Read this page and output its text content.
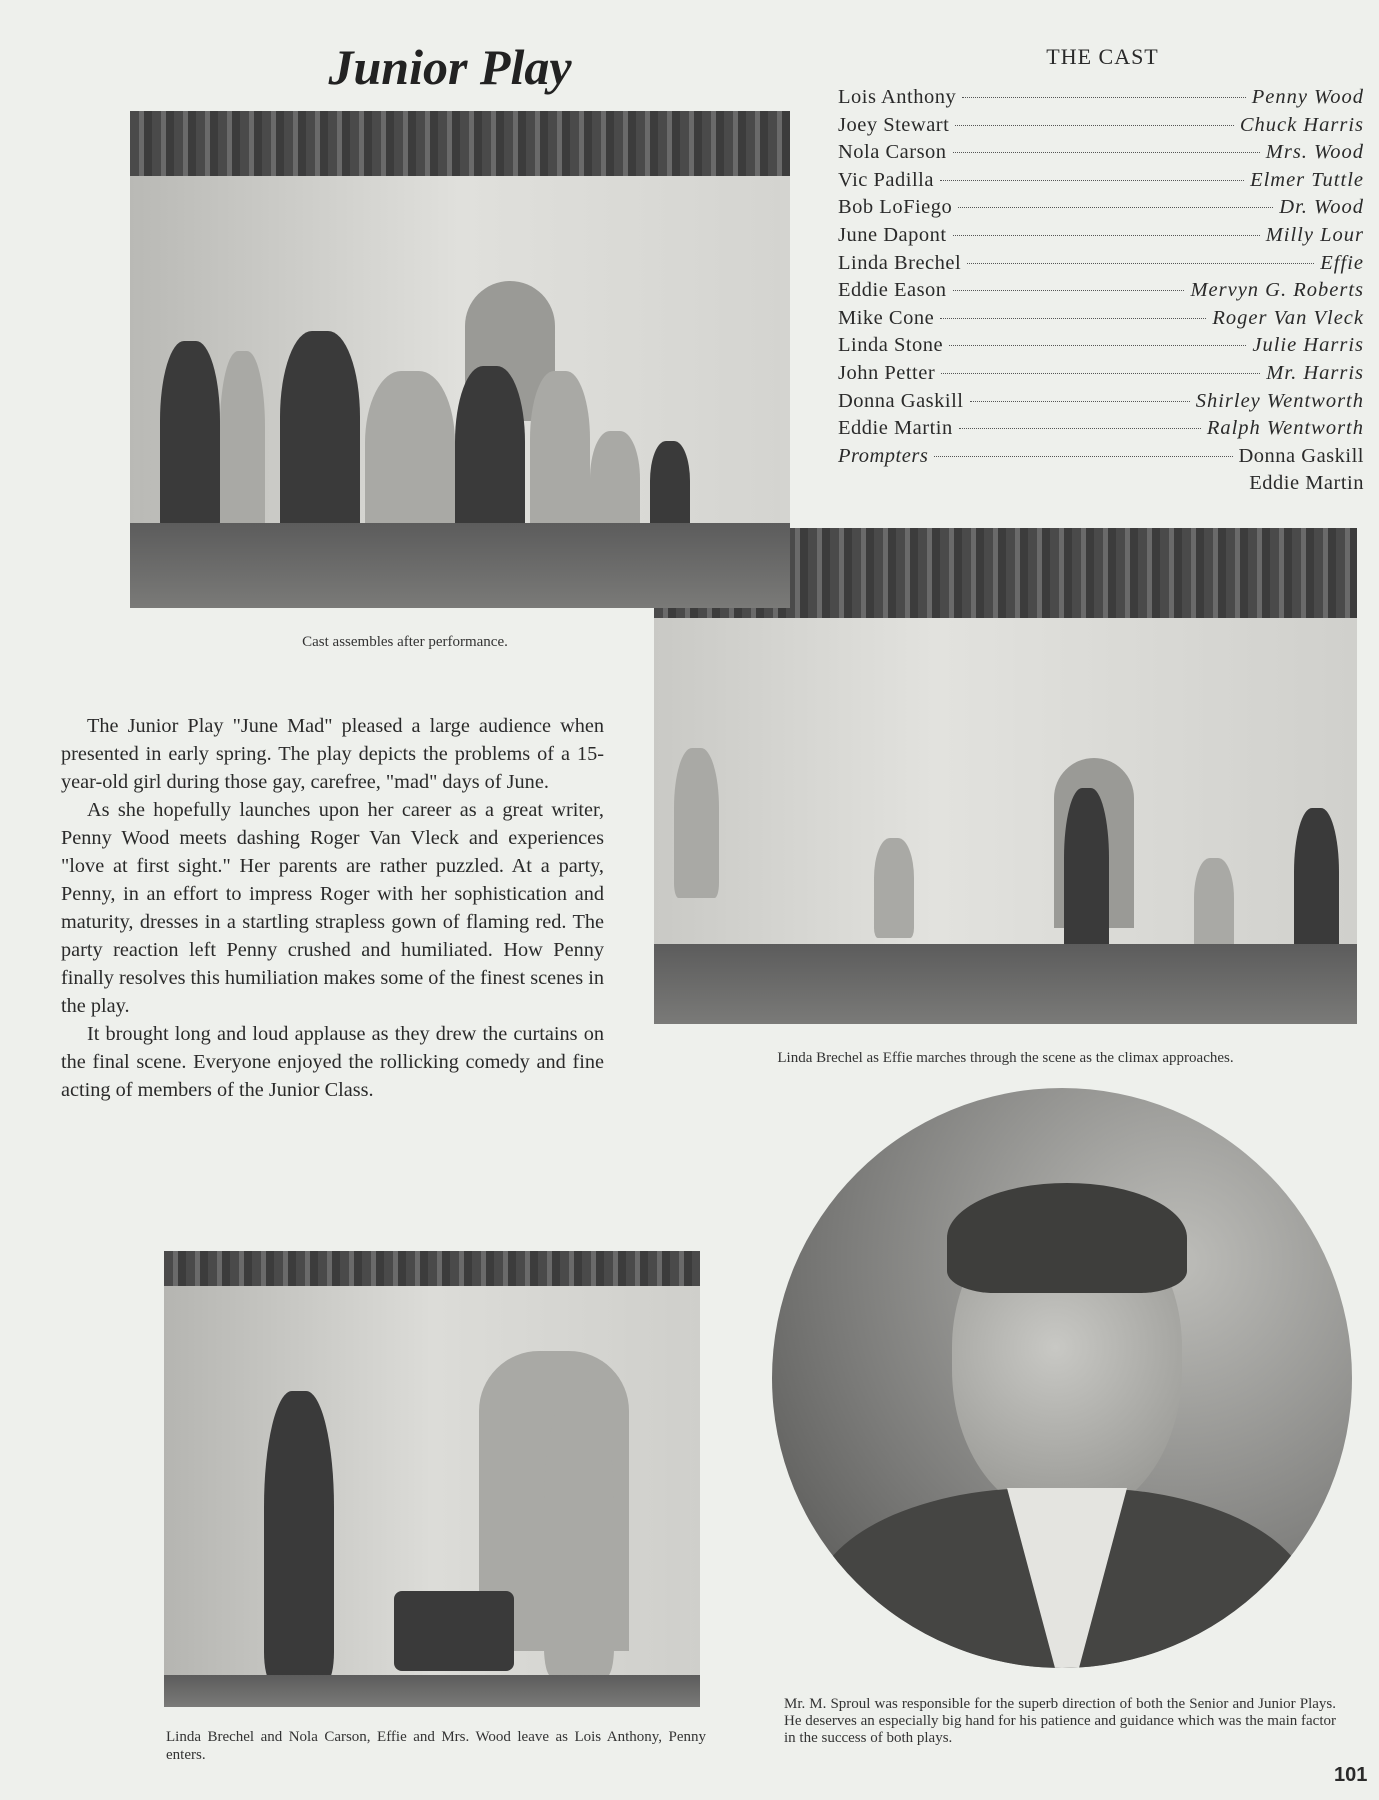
Junior Play
Cast assembles after performance.
Linda Brechel as Effie marches through the scene as the climax approaches.
THE CAST
Lois Anthony	Penny Wood
Joey Stewart	Chuck Harris
Nola Carson	Mrs. Wood
Vic Padilla	Elmer Tuttle
Bob LoFiego	Dr. Wood
June Dapont	Milly Lour
Linda Brechel	Effie
Eddie Eason	Mervyn G. Roberts
Mike Cone	Roger Van Vleck
Linda Stone	Julie Harris
John Petter	Mr. Harris
Donna Gaskill	Shirley Wentworth
Eddie Martin	Ralph Wentworth
Prompters	Donna Gaskill
Eddie Martin

The Junior Play "June Mad" pleased a large audience when presented in early spring. The play depicts the problems of a 15-year-old girl during those gay, carefree, "mad" days of June.

As she hopefully launches upon her career as a great writer, Penny Wood meets dashing Roger Van Vleck and experiences "love at first sight." Her parents are rather puzzled. At a party, Penny, in an effort to impress Roger with her sophistication and maturity, dresses in a startling strapless gown of flaming red. The party reaction left Penny crushed and humiliated. How Penny finally resolves this humiliation makes some of the finest scenes in the play.

It brought long and loud applause as they drew the curtains on the final scene. Everyone enjoyed the rollicking comedy and fine acting of members of the Junior Class.

Linda Brechel and Nola Carson, Effie and Mrs. Wood leave as Lois Anthony, Penny enters.
Mr. M. Sproul was responsible for the superb direction of both the Senior and Junior Plays. He deserves an especially big hand for his patience and guidance which was the main factor in the success of both plays.
101
